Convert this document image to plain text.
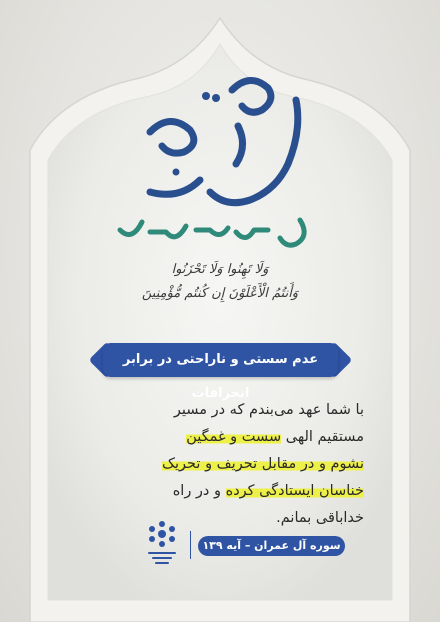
وَلَا تَهِنُوا وَلَا تَحْزَنُوا
وَأَنتُمُ الْأَعْلَوْنَ إِن كُنتُم مُّؤْمِنِينَ
عدم سستی و ناراحتی در برابر انحرافات
با شما عهد می‌بندم که در مسیر
مستقیم الهی سست و غمگین
نشوم و در مقابل تحریف و تحریک
خناسان ایستادگی کرده و در راه
خداباقی بمانم.
سوره آل عمران – آیه ۱۳۹
